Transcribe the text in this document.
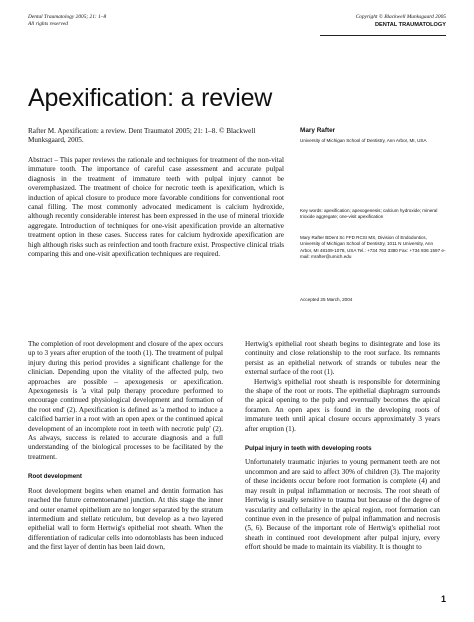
Dental Traumatology 2005; 21: 1–8
All rights reserved
Copyright © Blackwell Munksgaard 2005
DENTAL TRAUMATOLOGY
Apexification: a review
Rafter M. Apexification: a review. Dent Traumatol 2005; 21: 1–8. © Blackwell Munksgaard, 2005.
Abstract – This paper reviews the rationale and techniques for treatment of the non-vital immature tooth. The importance of careful case assessment and accurate pulpal diagnosis in the treatment of immature teeth with pulpal injury cannot be overemphasized. The treatment of choice for necrotic teeth is apexification, which is induction of apical closure to produce more favorable conditions for conventional root canal filling. The most commonly advocated medicament is calcium hydroxide, although recently considerable interest has been expressed in the use of mineral trioxide aggregate. Introduction of techniques for one-visit apexification provide an alternative treatment option in these cases. Success rates for calcium hydroxide apexification are high although risks such as reinfection and tooth fracture exist. Prospective clinical trials comparing this and one-visit apexification techniques are required.
Mary Rafter
University of Michigan School of Dentistry, Ann Arbor, MI, USA
Key words: apexification; apexogenesis; calcium hydroxide; mineral trioxide aggregate; one-visit apexification
Mary Rafter BDent Sc FFD RCSI MS, Division of Endodontics, University of Michigan School of Dentistry, 1011 N University, Ann Arbor, MI 48109-1078, USA Tel.: +734 763 3380 Fax: +734 936 1597 e-mail: mrafter@umich.edu
Accepted 25 March, 2004

The completion of root development and closure of the apex occurs up to 3 years after eruption of the tooth (1). The treatment of pulpal injury during this period provides a significant challenge for the clinician. Depending upon the vitality of the affected pulp, two approaches are possible – apexogenesis or apexification. Apexogenesis is 'a vital pulp therapy procedure performed to encourage continued physiological development and formation of the root end' (2). Apexification is defined as 'a method to induce a calcified barrier in a root with an open apex or the continued apical development of an incomplete root in teeth with necrotic pulp' (2). As always, success is related to accurate diagnosis and a full understanding of the biological processes to be facilitated by the treatment.

Root development

Root development begins when enamel and dentin formation has reached the future cementoenamel junction. At this stage the inner and outer enamel epithelium are no longer separated by the stratum intermedium and stellate reticulum, but develop as a two layered epithelial wall to form Hertwig's epithelial root sheath. When the differentiation of radicular cells into odontoblasts has been induced and the first layer of dentin has been laid down,

Hertwig's epithelial root sheath begins to disintegrate and lose its continuity and close relationship to the root surface. Its remnants persist as an epithelial network of strands or tubules near the external surface of the root (1).

Hertwig's epithelial root sheath is responsible for determining the shape of the root or roots. The epithelial diaphragm surrounds the apical opening to the pulp and eventually becomes the apical foramen. An open apex is found in the developing roots of immature teeth until apical closure occurs approximately 3 years after eruption (1).

Pulpal injury in teeth with developing roots

Unfortunately traumatic injuries to young permanent teeth are not uncommon and are said to affect 30% of children (3). The majority of these incidents occur before root formation is complete (4) and may result in pulpal inflammation or necrosis. The root sheath of Hertwig is usually sensitive to trauma but because of the degree of vascularity and cellularity in the apical region, root formation can continue even in the presence of pulpal inflammation and necrosis (5, 6). Because of the important role of Hertwig's epithelial root sheath in continued root development after pulpal injury, every effort should be made to maintain its viability. It is thought to

1
